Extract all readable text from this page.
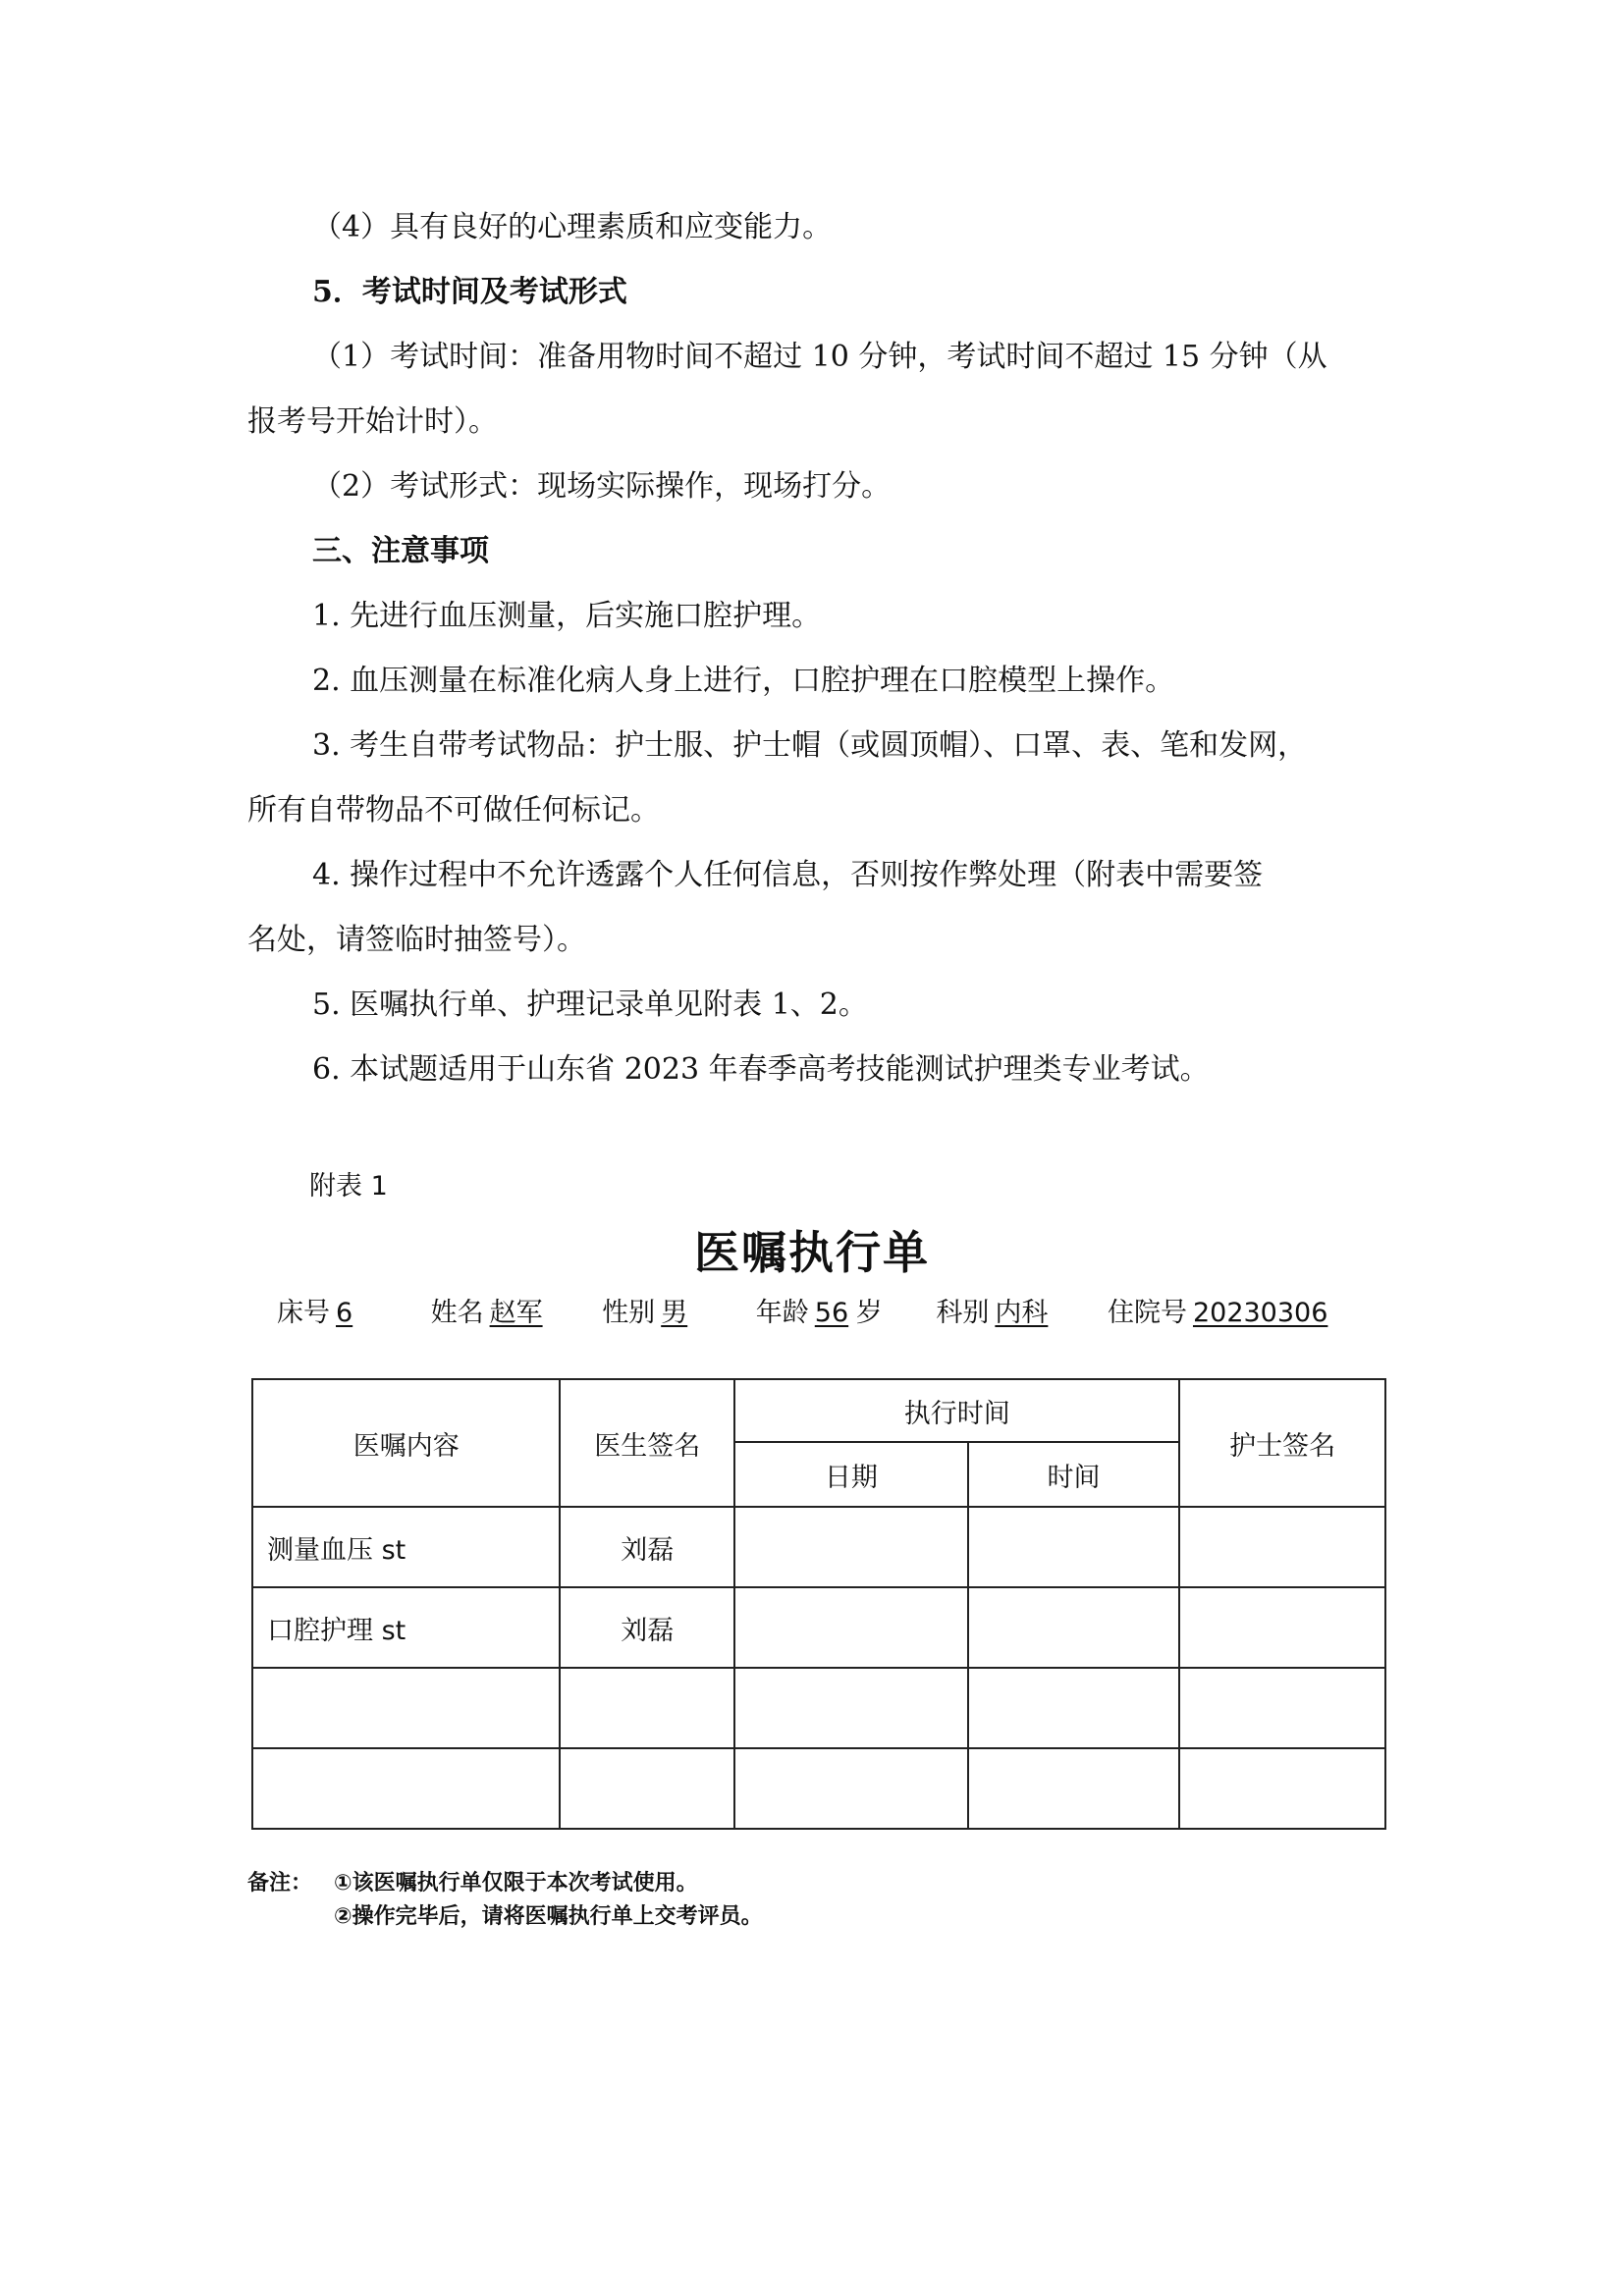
（4）具有良好的心理素质和应变能力。
5．考试时间及考试形式
（1）考试时间：准备用物时间不超过 10 分钟，考试时间不超过 15 分钟（从
报考号开始计时）。
（2）考试形式：现场实际操作，现场打分。
三、注意事项
1. 先进行血压测量，后实施口腔护理。
2. 血压测量在标准化病人身上进行，口腔护理在口腔模型上操作。
3. 考生自带考试物品：护士服、护士帽（或圆顶帽）、口罩、表、笔和发网，
所有自带物品不可做任何标记。
4. 操作过程中不允许透露个人任何信息，否则按作弊处理（附表中需要签
名处，请签临时抽签号）。
5. 医嘱执行单、护理记录单见附表 1、2。
6. 本试题适用于山东省 2023 年春季高考技能测试护理类专业考试。
附表 1
医嘱执行单
床号 6	姓名 赵军 性别 男	年龄 56 岁 科别 内科 住院号 20230306
医嘱内容	医生签名	执行时间		护士签名
		日期	时间	
测量血压 st	刘磊			
口腔护理 st	刘磊			

备注： ①该医嘱执行单仅限于本次考试使用。
②操作完毕后，请将医嘱执行单上交考评员。
